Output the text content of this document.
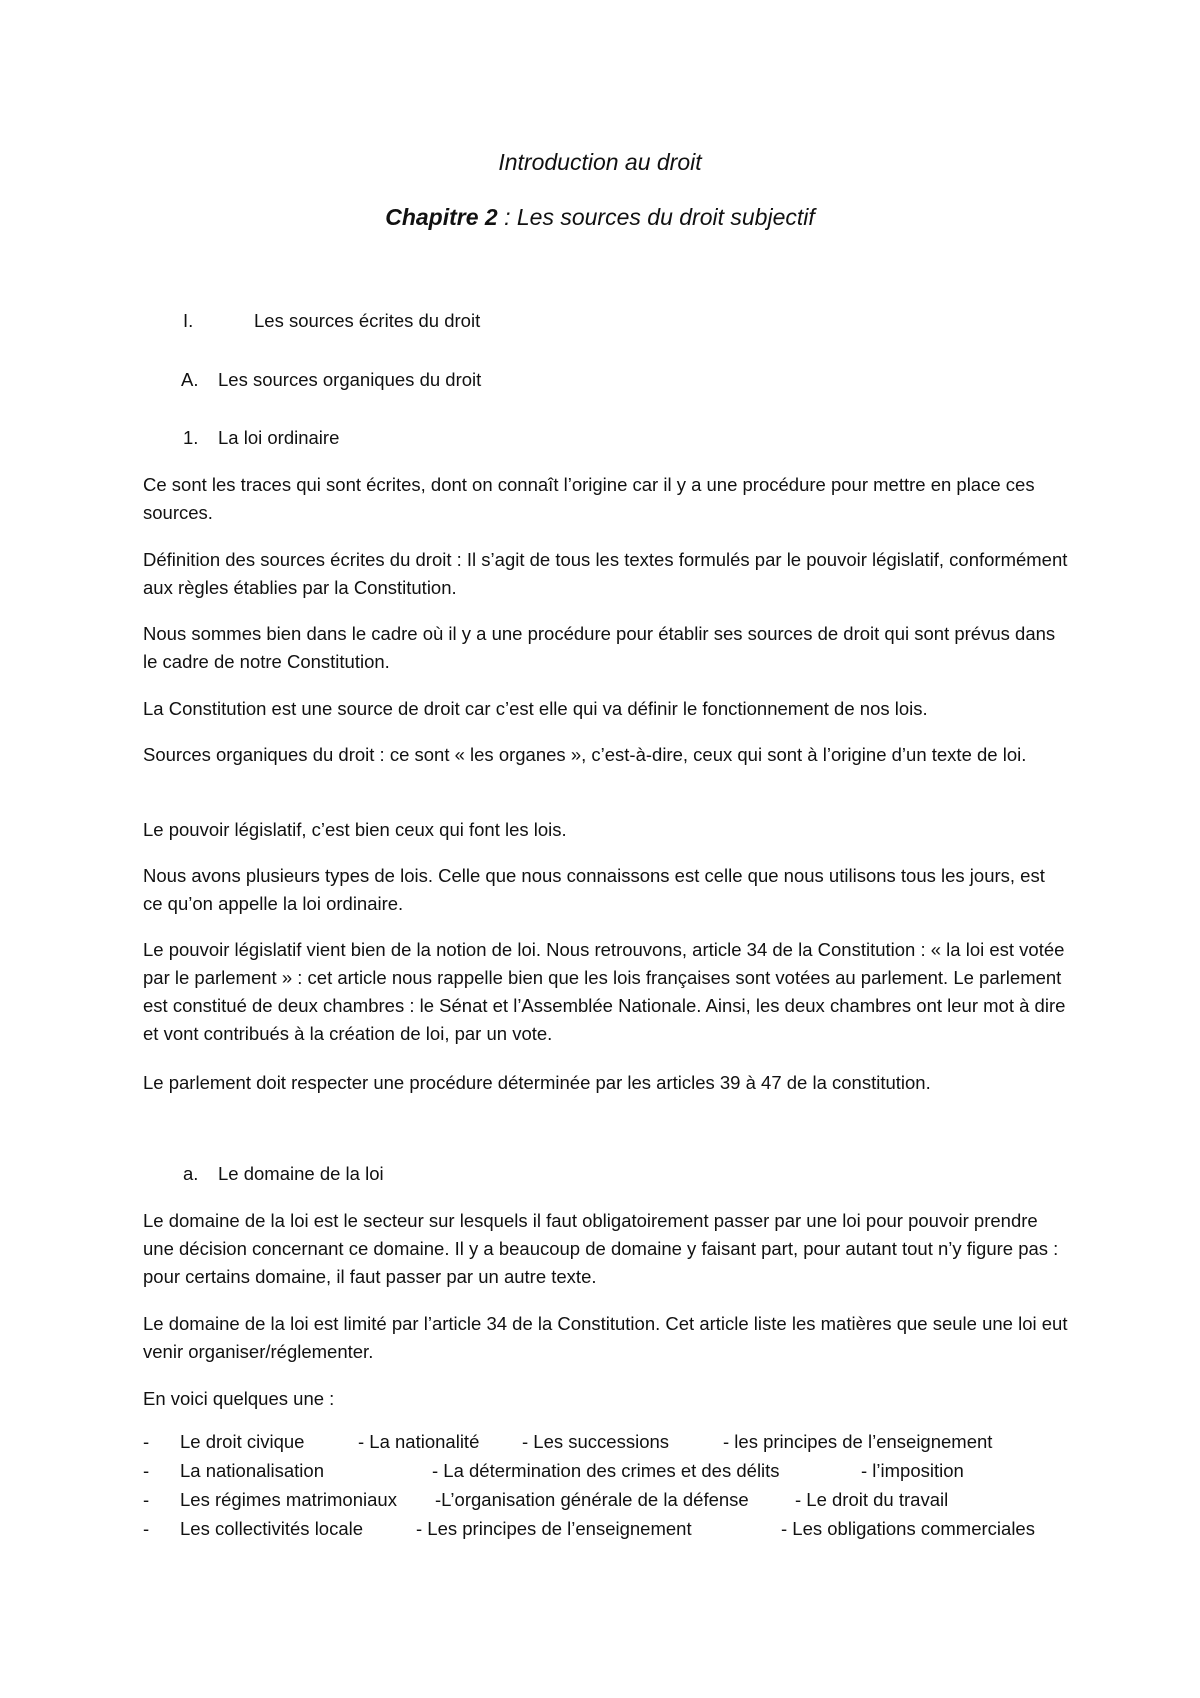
Introduction au droit
Chapitre 2 : Les sources du droit subjectif
I.	Les sources écrites du droit
A. Les sources organiques du droit
1. La loi ordinaire

Ce sont les traces qui sont écrites, dont on connaît l’origine car il y a une procédure pour mettre en place ces sources.

Définition des sources écrites du droit : Il s’agit de tous les textes formulés par le pouvoir législatif, conformément aux règles établies par la Constitution.

Nous sommes bien dans le cadre où il y a une procédure pour établir ses sources de droit qui sont prévus dans le cadre de notre Constitution.

La Constitution est une source de droit car c’est elle qui va définir le fonctionnement de nos lois.

Sources organiques du droit : ce sont « les organes », c’est-à-dire, ceux qui sont à l’origine d’un texte de loi.

Le pouvoir législatif, c’est bien ceux qui font les lois.

Nous avons plusieurs types de lois. Celle que nous connaissons est celle que nous utilisons tous les jours, est ce qu’on appelle la loi ordinaire.

Le pouvoir législatif vient bien de la notion de loi. Nous retrouvons, article 34 de la Constitution : « la loi est votée par le parlement » : cet article nous rappelle bien que les lois françaises sont votées au parlement. Le parlement est constitué de deux chambres : le Sénat et l’Assemblée Nationale. Ainsi, les deux chambres ont leur mot à dire et vont contribués à la création de loi, par un vote.

Le parlement doit respecter une procédure déterminée par les articles 39 à 47 de la constitution.

a. Le domaine de la loi

Le domaine de la loi est le secteur sur lesquels il faut obligatoirement passer par une loi pour pouvoir prendre une décision concernant ce domaine. Il y a beaucoup de domaine y faisant part, pour autant tout n’y figure pas : pour certains domaine, il faut passer par un autre texte.

Le domaine de la loi est limité par l’article 34 de la Constitution. Cet article liste les matières que seule une loi eut venir organiser/réglementer.

En voici quelques une :

- Le droit civique	- La nationalité - Les successions	- les principes de l’enseignement
- La nationalisation	- La détermination des crimes et des délits	- l’imposition
- Les régimes matrimoniaux -L’organisation générale de la défense	- Le droit du travail
- Les collectivités locale	- Les principes de l’enseignement	- Les obligations commerciales
